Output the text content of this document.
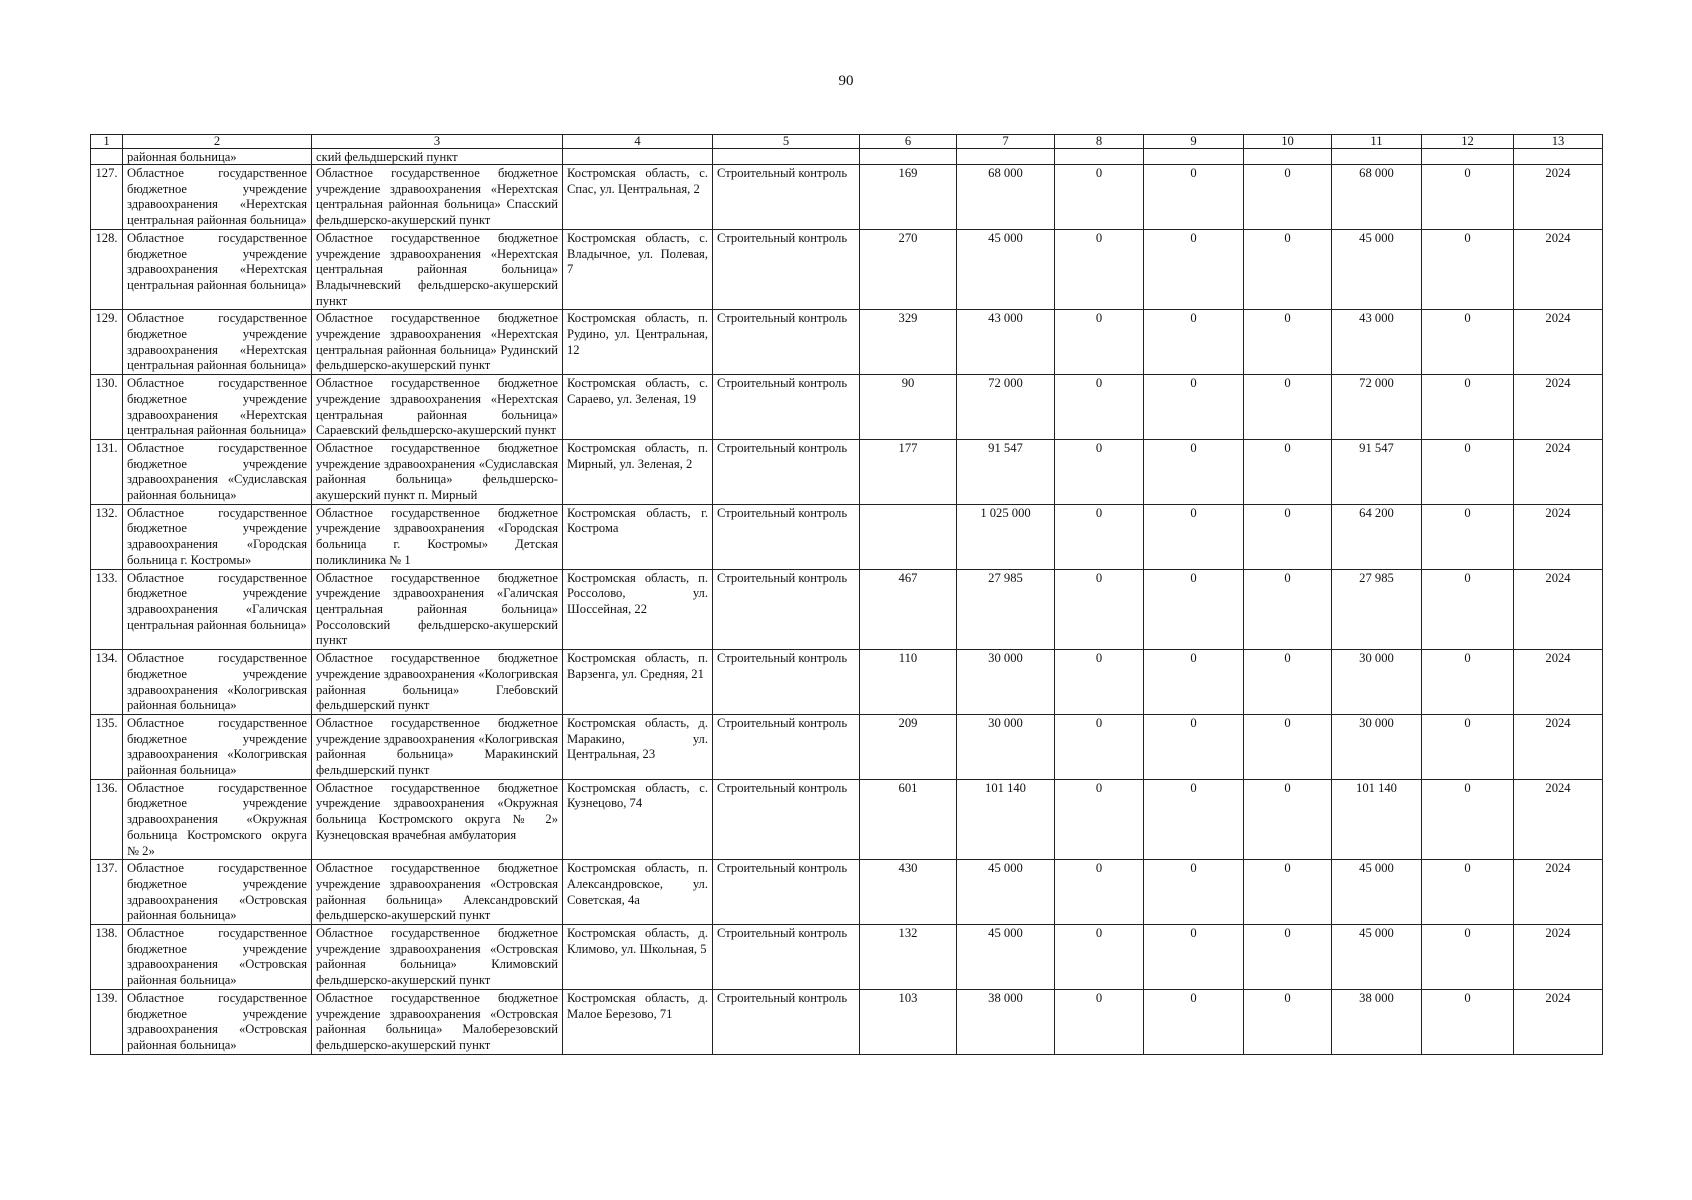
90
1	2	3	4	5	6	7	8	9	10	11	12	13
	районная больница»	ский фельдшерский пункт										
127.	Областное государственное бюджетное учреждение здравоохранения «Нерехтская центральная районная больница»	Областное государственное бюджетное учреждение здравоохранения «Нерехтская центральная районная больница» Спасский фельдшерско-акушерский пункт	Костромская область, с. Спас, ул. Центральная, 2	Строительный контроль	169	68 000	0	0	0	68 000	0	2024
128.	Областное государственное бюджетное учреждение здравоохранения «Нерехтская центральная районная больница»	Областное государственное бюджетное учреждение здравоохранения «Нерехтская центральная районная больница» Владычневский фельдшерско-акушерский пункт	Костромская область, с. Владычное, ул. Полевая, 7	Строительный контроль	270	45 000	0	0	0	45 000	0	2024
129.	Областное государственное бюджетное учреждение здравоохранения «Нерехтская центральная районная больница»	Областное государственное бюджетное учреждение здравоохранения «Нерехтская центральная районная больница» Рудинский фельдшерско-акушерский пункт	Костромская область, п. Рудино, ул. Центральная, 12	Строительный контроль	329	43 000	0	0	0	43 000	0	2024
130.	Областное государственное бюджетное учреждение здравоохранения «Нерехтская центральная районная больница»	Областное государственное бюджетное учреждение здравоохранения «Нерехтская центральная районная больница» Сараевский фельдшерско-акушерский пункт	Костромская область, с. Сараево, ул. Зеленая, 19	Строительный контроль	90	72 000	0	0	0	72 000	0	2024
131.	Областное государственное бюджетное учреждение здравоохранения «Судиславская районная больница»	Областное государственное бюджетное учреждение здравоохранения «Судиславская районная больница» фельдшерско-акушерский пункт п. Мирный	Костромская область, п. Мирный, ул. Зеленая, 2	Строительный контроль	177	91 547	0	0	0	91 547	0	2024
132.	Областное государственное бюджетное учреждение здравоохранения «Городская больница г. Костромы»	Областное государственное бюджетное учреждение здравоохранения «Городская больница г. Костромы» Детская поликлиника № 1	Костромская область, г. Кострома	Строительный контроль		1 025 000	0	0	0	64 200	0	2024
133.	Областное государственное бюджетное учреждение здравоохранения «Галичская центральная районная больница»	Областное государственное бюджетное учреждение здравоохранения «Галичская центральная районная больница» Россоловский фельдшерско-акушерский пункт	Костромская область, п. Россолово, ул. Шоссейная, 22	Строительный контроль	467	27 985	0	0	0	27 985	0	2024
134.	Областное государственное бюджетное учреждение здравоохранения «Кологривская районная больница»	Областное государственное бюджетное учреждение здравоохранения «Кологривская районная больница» Глебовский фельдшерский пункт	Костромская область, п. Варзенга, ул. Средняя, 21	Строительный контроль	110	30 000	0	0	0	30 000	0	2024
135.	Областное государственное бюджетное учреждение здравоохранения «Кологривская районная больница»	Областное государственное бюджетное учреждение здравоохранения «Кологривская районная больница» Маракинский фельдшерский пункт	Костромская область, д. Маракино, ул. Центральная, 23	Строительный контроль	209	30 000	0	0	0	30 000	0	2024
136.	Областное государственное бюджетное учреждение здравоохранения «Окружная больница Костромского округа № 2»	Областное государственное бюджетное учреждение здравоохранения «Окружная больница Костромского округа № 2» Кузнецовская врачебная амбулатория	Костромская область, с. Кузнецово, 74	Строительный контроль	601	101 140	0	0	0	101 140	0	2024
137.	Областное государственное бюджетное учреждение здравоохранения «Островская районная больница»	Областное государственное бюджетное учреждение здравоохранения «Островская районная больница» Александровский фельдшерско-акушерский пункт	Костромская область, п. Александровское, ул. Советская, 4а	Строительный контроль	430	45 000	0	0	0	45 000	0	2024
138.	Областное государственное бюджетное учреждение здравоохранения «Островская районная больница»	Областное государственное бюджетное учреждение здравоохранения «Островская районная больница» Климовский фельдшерско-акушерский пункт	Костромская область, д. Климово, ул. Школьная, 5	Строительный контроль	132	45 000	0	0	0	45 000	0	2024
139.	Областное государственное бюджетное учреждение здравоохранения «Островская районная больница»	Областное государственное бюджетное учреждение здравоохранения «Островская районная больница» Малоберезовский фельдшерско-акушерский пункт	Костромская область, д. Малое Березово, 71	Строительный контроль	103	38 000	0	0	0	38 000	0	2024
